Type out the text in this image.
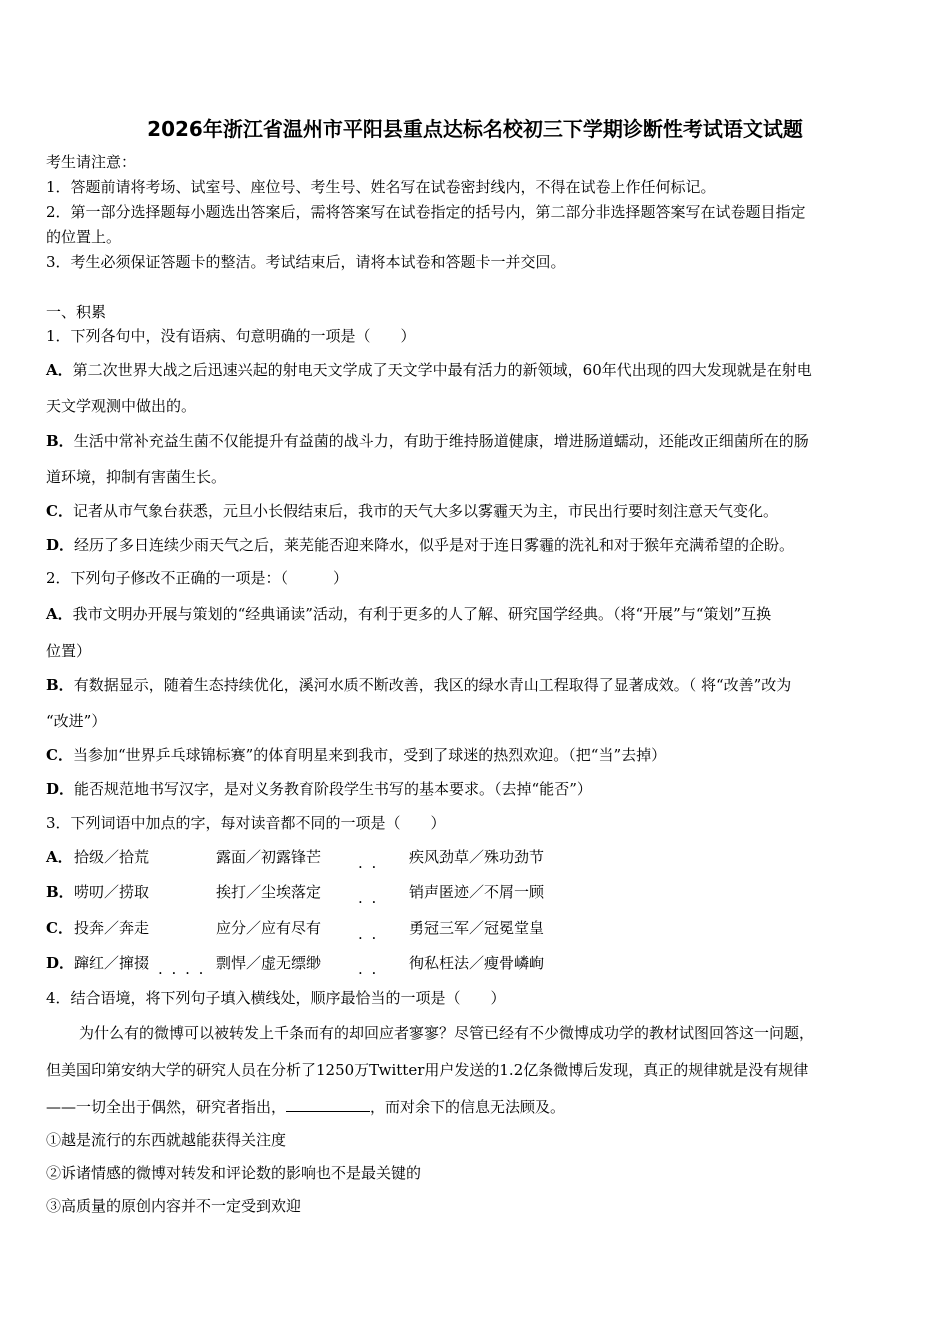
2026年浙江省温州市平阳县重点达标名校初三下学期诊断性考试语文试题
考生请注意：
1．答题前请将考场、试室号、座位号、考生号、姓名写在试卷密封线内，不得在试卷上作任何标记。
2．第一部分选择题每小题选出答案后，需将答案写在试卷指定的括号内，第二部分非选择题答案写在试卷题目指定
的位置上。
3．考生必须保证答题卡的整洁。考试结束后，请将本试卷和答题卡一并交回。
一、积累
1．下列各句中，没有语病、句意明确的一项是（　　）
A．第二次世界大战之后迅速兴起的射电天文学成了天文学中最有活力的新领域，60年代出现的四大发现就是在射电
天文学观测中做出的。
B．生活中常补充益生菌不仅能提升有益菌的战斗力，有助于维持肠道健康，增进肠道蠕动，还能改正细菌所在的肠
道环境，抑制有害菌生长。
C．记者从市气象台获悉，元旦小长假结束后，我市的天气大多以雾霾天为主，市民出行要时刻注意天气变化。
D．经历了多日连续少雨天气之后，莱芜能否迎来降水，似乎是对于连日雾霾的洗礼和对于猴年充满希望的企盼。
2．下列句子修改不正确的一项是：（　　　）
A．我市文明办开展与策划的“经典诵读”活动，有利于更多的人了解、研究国学经典。（将“开展”与“策划”互换
位置）
B．有数据显示，随着生态持续优化，溪河水质不断改善，我区的绿水青山工程取得了显著成效。（ 将“改善”改为
“改进”）
C．当参加“世界乒乓球锦标赛”的体育明星来到我市，受到了球迷的热烈欢迎。（把“当”去掉）
D．能否规范地书写汉字，是对义务教育阶段学生书写的基本要求。（去掉“能否”）
3．下列词语中加点的字，每对读音都不同的一项是（　　）
A． 拾级／拾荒	露面／初露锋芒 . . 疾风劲草／殊功劲节
B． 唠叨／捞取	挨打／尘埃落定 . . 销声匿迹／不屑一顾
C． 投奔／奔走	应分／应有尽有 . . 勇冠三军／冠冕堂皇
D． 蹿红／撺掇 . . . . 剽悍／虚无缥缈 . . 徇私枉法／瘦骨嶙峋
4．结合语境，将下列句子填入横线处，顺序最恰当的一项是（　　）
为什么有的微博可以被转发上千条而有的却回应者寥寥？尽管已经有不少微博成功学的教材试图回答这一问题，
但美国印第安纳大学的研究人员在分析了1250万Twitter用户发送的1.2亿条微博后发现，真正的规律就是没有规律
——一切全出于偶然，研究者指出，	，而对余下的信息无法顾及。
①越是流行的东西就越能获得关注度
②诉诸情感的微博对转发和评论数的影响也不是最关键的
③高质量的原创内容并不一定受到欢迎
